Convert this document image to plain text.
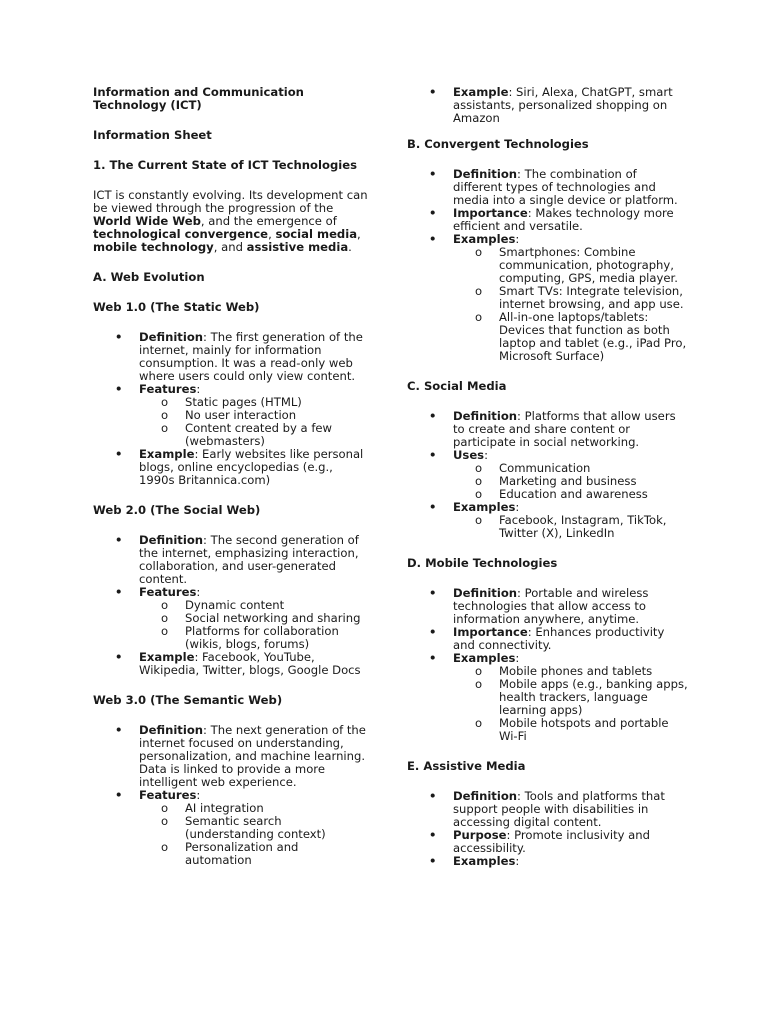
Information and Communication
Technology (ICT)
Information Sheet
1. The Current State of ICT Technologies
ICT is constantly evolving. Its development can be viewed through the progression of the World Wide Web, and the emergence of technological convergence, social media, mobile technology, and assistive media.
A. Web Evolution
Web 1.0 (The Static Web)
• Definition: The first generation of the internet, mainly for information consumption. It was a read-only web where users could only view content.
• Features:
o Static pages (HTML)
o No user interaction
o Content created by a few (webmasters)
• Example: Early websites like personal blogs, online encyclopedias (e.g., 1990s Britannica.com)
Web 2.0 (The Social Web)
• Definition: The second generation of the internet, emphasizing interaction, collaboration, and user-generated content.
• Features:
o Dynamic content
o Social networking and sharing
o Platforms for collaboration (wikis, blogs, forums)
• Example: Facebook, YouTube, Wikipedia, Twitter, blogs, Google Docs
Web 3.0 (The Semantic Web)
• Definition: The next generation of the internet focused on understanding, personalization, and machine learning. Data is linked to provide a more intelligent web experience.
• Features:
o AI integration
o Semantic search (understanding context)
o Personalization and automation
• Example: Siri, Alexa, ChatGPT, smart assistants, personalized shopping on Amazon
B. Convergent Technologies
• Definition: The combination of different types of technologies and media into a single device or platform.
• Importance: Makes technology more efficient and versatile.
• Examples:
o Smartphones: Combine communication, photography, computing, GPS, media player.
o Smart TVs: Integrate television, internet browsing, and app use.
o All-in-one laptops/tablets: Devices that function as both laptop and tablet (e.g., iPad Pro, Microsoft Surface)
C. Social Media
• Definition: Platforms that allow users to create and share content or participate in social networking.
• Uses:
o Communication
o Marketing and business
o Education and awareness
• Examples:
o Facebook, Instagram, TikTok, Twitter (X), LinkedIn
D. Mobile Technologies
• Definition: Portable and wireless technologies that allow access to information anywhere, anytime.
• Importance: Enhances productivity and connectivity.
• Examples:
o Mobile phones and tablets
o Mobile apps (e.g., banking apps, health trackers, language learning apps)
o Mobile hotspots and portable Wi-Fi
E. Assistive Media
• Definition: Tools and platforms that support people with disabilities in accessing digital content.
• Purpose: Promote inclusivity and accessibility.
• Examples:
